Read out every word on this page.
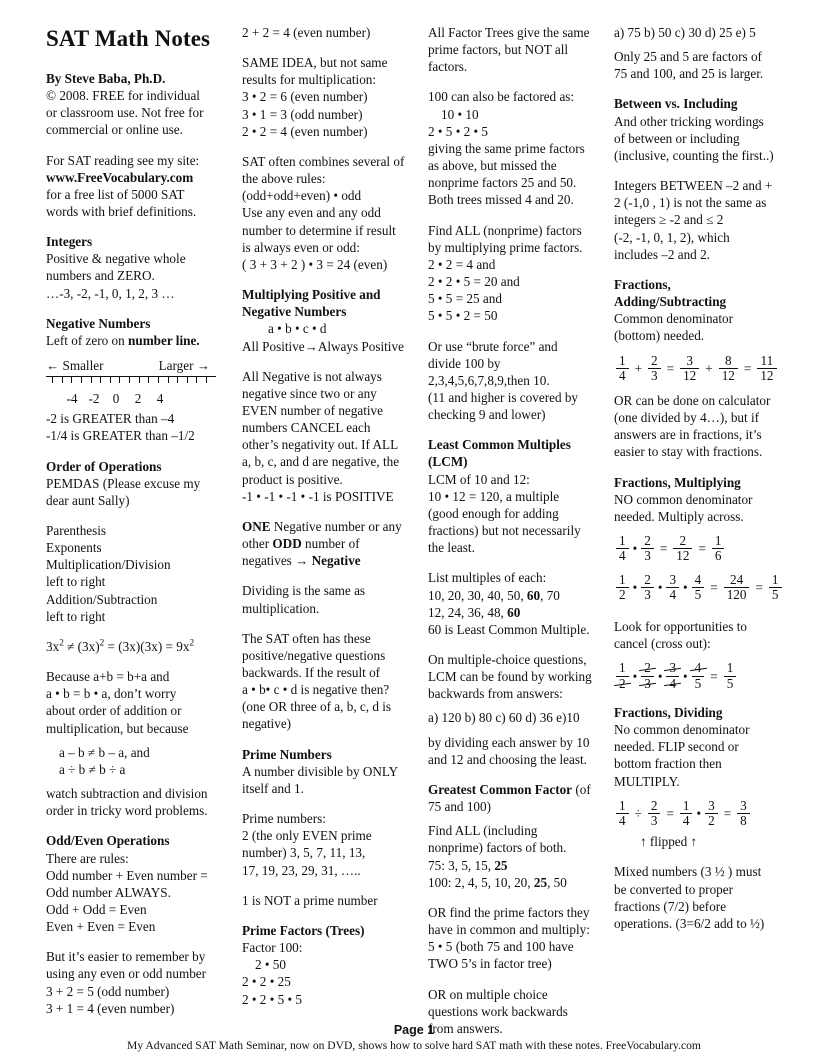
SAT Math Notes

By Steve Baba, Ph.D.

© 2008. FREE for individual

or classroom use. Not free for

commercial or online use.

For SAT reading see my site:

www.FreeVocabulary.com

for a free list of 5000 SAT

words with brief definitions.

Integers

Positive & negative whole

numbers and ZERO.

…-3, -2, -1, 0, 1, 2, 3 …

Negative Numbers

Left of zero on number line.

← Smaller	Larger →
-4 -2 0 2 4

-2 is GREATER than –4

-1/4 is GREATER than –1/2

Order of Operations

PEMDAS (Please excuse my

dear aunt Sally)

Parenthesis

Exponents

Multiplication/Division

left to right

Addition/Subtraction

left to right

$3x^2 \ne (3x)^2 = (3x)(3x) = 9x^2$

Because a+b = b+a and

a • b = b • a, don’t worry

about order of addition or

multiplication, but because

a – b ≠ b – a, and

a ÷ b ≠ b ÷ a

watch subtraction and division

order in tricky word problems.

Odd/Even Operations

There are rules:

Odd number + Even number =

Odd number ALWAYS.

Odd + Odd = Even

Even + Even = Even

But it’s easier to remember by

using any even or odd number

3 + 2 = 5 (odd number)

3 + 1 = 4 (even number)

2 + 2 = 4 (even number)

SAME IDEA, but not same

results for multiplication:

3 • 2 = 6 (even number)

3 • 1 = 3 (odd number)

2 • 2 = 4 (even number)

SAT often combines several of

the above rules:

(odd+odd+even) • odd

Use any even and any odd

number to determine if result

is always even or odd:

( 3 + 3 + 2 ) • 3 = 24 (even)

Multiplying Positive and

Negative Numbers

a • b • c • d

All Positive→Always Positive

All Negative is not always

negative since two or any

EVEN number of negative

numbers CANCEL each

other’s negativity out. If ALL

a, b, c, and d are negative, the

product is positive.

-1 • -1 • -1 • -1 is POSITIVE

ONE Negative number or any

other ODD number of

negatives → Negative

Dividing is the same as

multiplication.

The SAT often has these

positive/negative questions

backwards. If the result of

a • b• c • d is negative then?

(one OR three of a, b, c, d is

negative)

Prime Numbers

A number divisible by ONLY

itself and 1.

Prime numbers:

2 (the only EVEN prime

number) 3, 5, 7, 11, 13,

17, 19, 23, 29, 31, …..

1 is NOT a prime number

Prime Factors (Trees)

Factor 100:

2 • 50

2 • 2 • 25

2 • 2 • 5 • 5

All Factor Trees give the same

prime factors, but NOT all

factors.

100 can also be factored as:

10 • 10

2 • 5 • 2 • 5

giving the same prime factors

as above, but missed the

nonprime factors 25 and 50.

Both trees missed 4 and 20.

Find ALL (nonprime) factors

by multiplying prime factors.

2 • 2 = 4 and

2 • 2 • 5 = 20 and

5 • 5 = 25 and

5 • 5 • 2 = 50

Or use “brute force” and

divide 100 by

2,3,4,5,6,7,8,9,then 10.

(11 and higher is covered by

checking 9 and lower)

Least Common Multiples

(LCM)

LCM of 10 and 12:

10 • 12 = 120, a multiple

(good enough for adding

fractions) but not necessarily

the least.

List multiples of each:

10, 20, 30, 40, 50, 60, 70

12, 24, 36, 48, 60

60 is Least Common Multiple.

On multiple-choice questions,

LCM can be found by working

backwards from answers:

a) 120 b) 80 c) 60 d) 36 e)10

by dividing each answer by 10

and 12 and choosing the least.

Greatest Common Factor (of

75 and 100)

Find ALL (including

nonprime) factors of both.

75: 3, 5, 15, 25

100: 2, 4, 5, 10, 20, 25, 50

OR find the prime factors they

have in common and multiply:

5 • 5 (both 75 and 100 have

TWO 5’s in factor tree)

OR on multiple choice

questions work backwards

from answers.

a) 75 b) 50 c) 30 d) 25 e) 5

Only 25 and 5 are factors of

75 and 100, and 25 is larger.

Between vs. Including

And other tricking wordings

of between or including

(inclusive, counting the first..)

Integers BETWEEN –2 and +

2 (-1,0 , 1) is not the same as

integers ≥ -2 and ≤ 2

(-2, -1, 0, 1, 2), which

includes –2 and 2.

Fractions,

Adding/Subtracting

Common denominator

(bottom) needed.

$\frac{1}{4} + \frac{2}{3} = \frac{3}{12} + \frac{8}{12} = \frac{11}{12}$

OR can be done on calculator

(one divided by 4…), but if

answers are in fractions, it’s

easier to stay with fractions.

Fractions, Multiplying

NO common denominator

needed. Multiply across.

$\frac{1}{4}$ • $\frac{2}{3} = \frac{2}{12} = \frac{1}{6}$
$\frac{1}{2}$ • $\frac{2}{3}$ • $\frac{3}{4}$ • $\frac{4}{5} = \frac{24}{120} = \frac{1}{5}$

Look for opportunities to

cancel (cross out):

$\frac{1}{2}$ • $\frac{2}{3}$ • $\frac{3}{4}$ • $\frac{4}{5} = \frac{1}{5}$

Fractions, Dividing

No common denominator

needed. FLIP second or

bottom fraction then

MULTIPLY.

$\frac{1}{4} \div \frac{2}{3} = \frac{1}{4}$ • $\frac{3}{2} = \frac{3}{8}$

↑ flipped ↑

Mixed numbers (3 ½ ) must

be converted to proper

fractions (7/2) before

operations. (3=6/2 add to ½)

Page 1
My Advanced SAT Math Seminar, now on DVD, shows how to solve hard SAT math with these notes. FreeVocabulary.com
